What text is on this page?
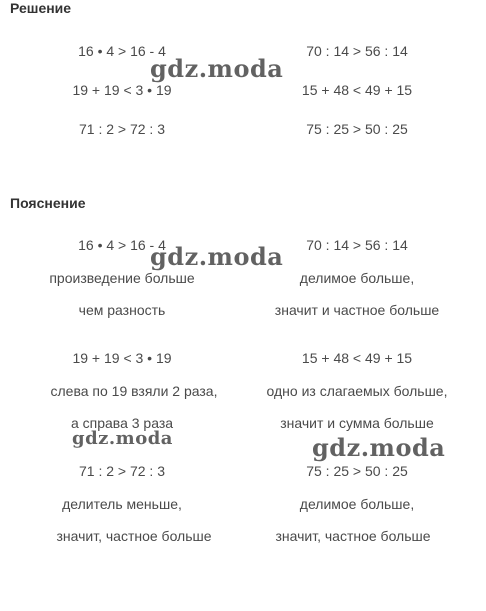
Решение
16 • 4 > 16 - 4	70 : 14 > 56 : 14
19 + 19 < 3 • 19	15 + 48 < 49 + 15
71 : 2 > 72 : 3	75 : 25 > 50 : 25
Пояснение
16 • 4 > 16 - 4	70 : 14 > 56 : 14
произведение больше	делимое больше,
чем разность	значит и частное больше
19 + 19 < 3 • 19	15 + 48 < 49 + 15
слева по 19 взяли 2 раза,	одно из слагаемых больше,
а справа 3 раза	значит и сумма больше
71 : 2 > 72 : 3	75 : 25 > 50 : 25
делитель меньше,	делимое больше,
значит, частное больше	значит, частное больше
gdz.moda
gdz.moda
gdz.moda	gdz.moda
